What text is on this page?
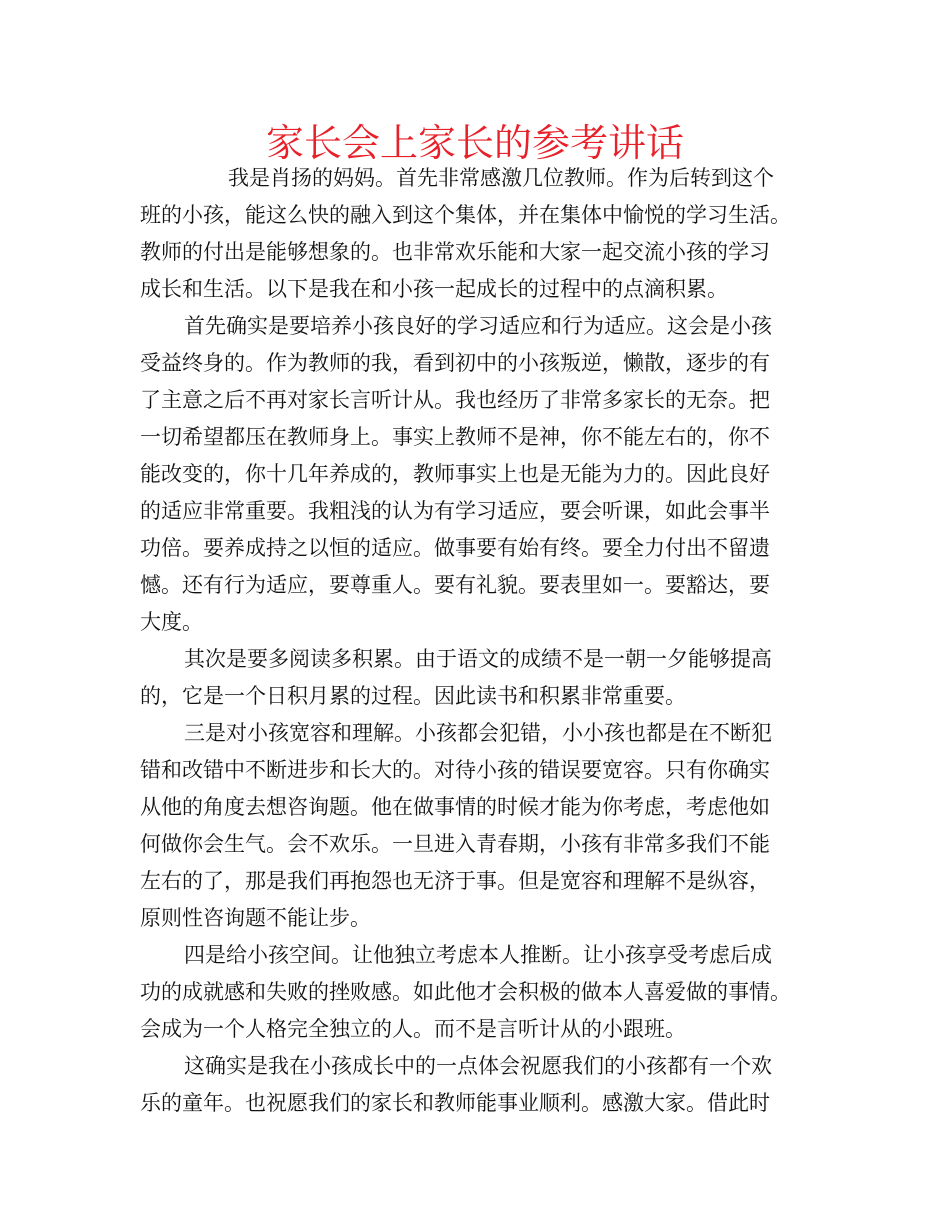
家长会上家长的参考讲话
我是肖扬的妈妈。首先非常感激几位教师。作为后转到这个
班的小孩，能这么快的融入到这个集体，并在集体中愉悦的学习生活。
教师的付出是能够想象的。也非常欢乐能和大家一起交流小孩的学习
成长和生活。以下是我在和小孩一起成长的过程中的点滴积累。
首先确实是要培养小孩良好的学习适应和行为适应。这会是小孩
受益终身的。作为教师的我，看到初中的小孩叛逆，懒散，逐步的有
了主意之后不再对家长言听计从。我也经历了非常多家长的无奈。把
一切希望都压在教师身上。事实上教师不是神，你不能左右的，你不
能改变的，你十几年养成的，教师事实上也是无能为力的。因此良好
的适应非常重要。我粗浅的认为有学习适应，要会听课，如此会事半
功倍。要养成持之以恒的适应。做事要有始有终。要全力付出不留遗
憾。还有行为适应，要尊重人。要有礼貌。要表里如一。要豁达，要
大度。
其次是要多阅读多积累。由于语文的成绩不是一朝一夕能够提高
的，它是一个日积月累的过程。因此读书和积累非常重要。
三是对小孩宽容和理解。小孩都会犯错，小小孩也都是在不断犯
错和改错中不断进步和长大的。对待小孩的错误要宽容。只有你确实
从他的角度去想咨询题。他在做事情的时候才能为你考虑，考虑他如
何做你会生气。会不欢乐。一旦进入青春期，小孩有非常多我们不能
左右的了，那是我们再抱怨也无济于事。但是宽容和理解不是纵容，
原则性咨询题不能让步。
四是给小孩空间。让他独立考虑本人推断。让小孩享受考虑后成
功的成就感和失败的挫败感。如此他才会积极的做本人喜爱做的事情。
会成为一个人格完全独立的人。而不是言听计从的小跟班。
这确实是我在小孩成长中的一点体会祝愿我们的小孩都有一个欢
乐的童年。也祝愿我们的家长和教师能事业顺利。感激大家。借此时
